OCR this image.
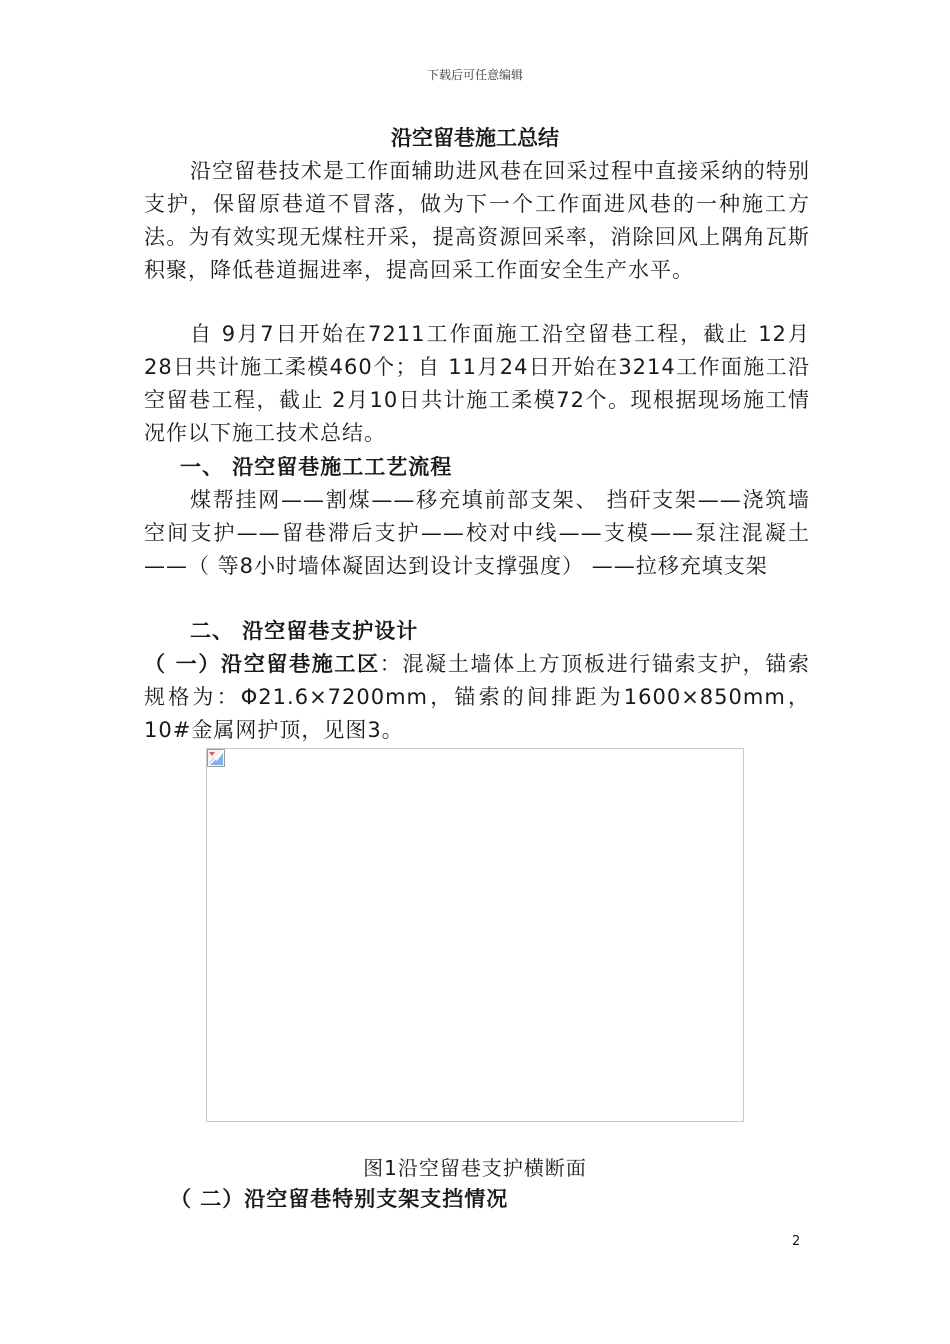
下载后可任意编辑
沿空留巷施工总结
沿空留巷技术是工作面辅助进风巷在回采过程中直接采纳的特别支护，保留原巷道不冒落，做为下一个工作面进风巷的一种施工方法。为有效实现无煤柱开采，提高资源回采率，消除回风上隅角瓦斯积聚，降低巷道掘进率，提高回采工作面安全生产水平。
自 9月7日开始在7211工作面施工沿空留巷工程，截止 12月28日共计施工柔模460个；自 11月24日开始在3214工作面施工沿空留巷工程，截止 2月10日共计施工柔模72个。现根据现场施工情况作以下施工技术总结。
一、 沿空留巷施工工艺流程
煤帮挂网——割煤——移充填前部支架、 挡矸支架——浇筑墙空间支护——留巷滞后支护——校对中线——支模——泵注混凝土——（ 等8小时墙体凝固达到设计支撑强度） ——拉移充填支架
二、 沿空留巷支护设计
（ 一）沿空留巷施工区：混凝土墙体上方顶板进行锚索支护，锚索规格为：Φ21.6×7200mm，锚索的间排距为1600×850mm，10#金属网护顶，见图3。
图1沿空留巷支护横断面
（ 二）沿空留巷特别支架支挡情况
2
